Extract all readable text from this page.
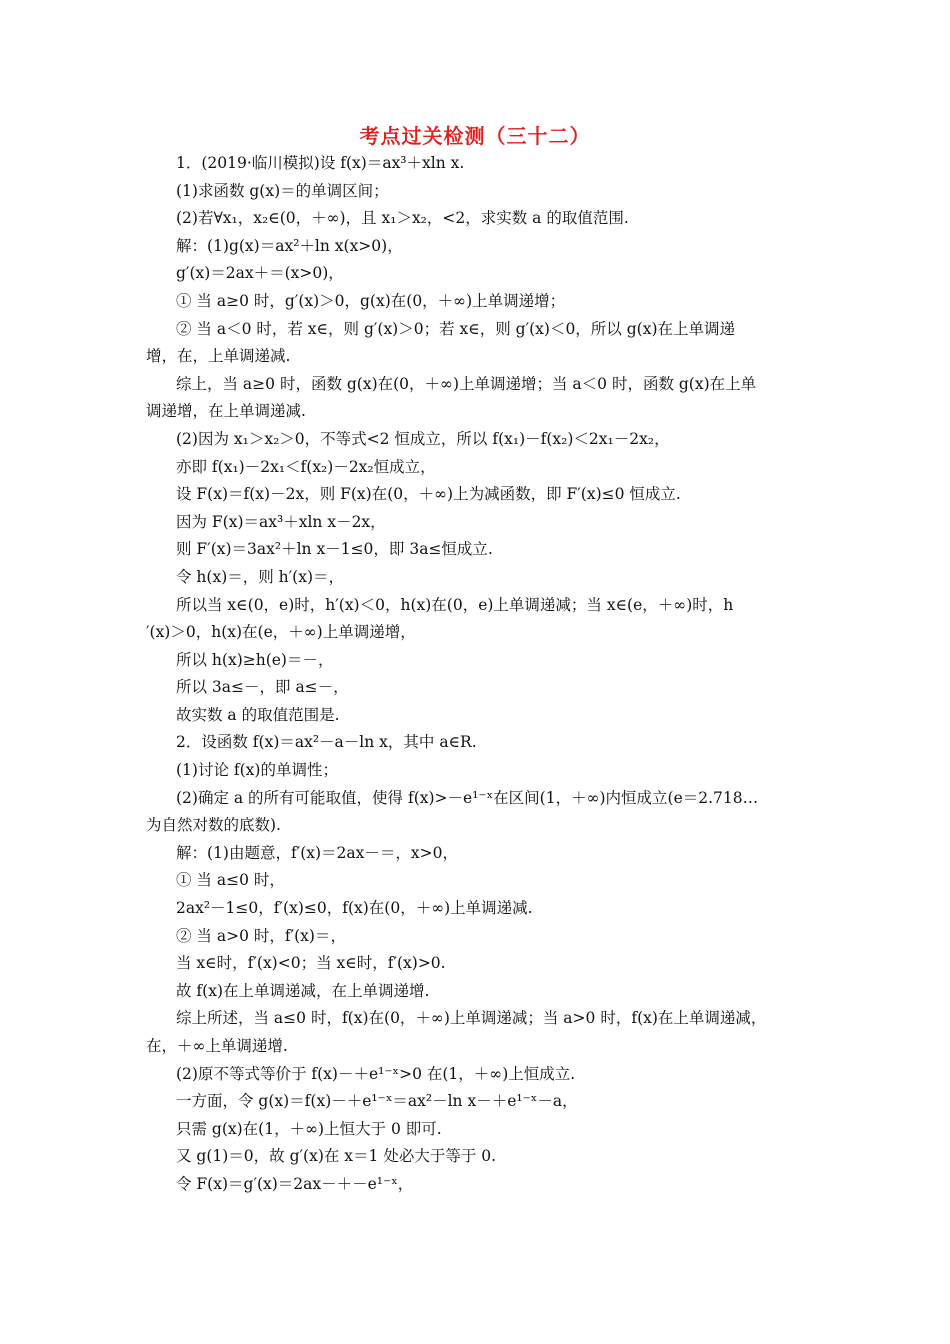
考点过关检测（三十二）
1．(2019·临川模拟)设 f(x)＝ax³＋xln x.
(1)求函数 g(x)＝的单调区间；
(2)若∀x₁，x₂∈(0，＋∞)，且 x₁＞x₂，<2，求实数 a 的取值范围.
解：(1)g(x)＝ax²＋ln x(x>0)，
g′(x)＝2ax＋＝(x>0)，
① 当 a≥0 时，g′(x)＞0，g(x)在(0，＋∞)上单调递增；
② 当 a＜0 时，若 x∈，则 g′(x)＞0；若 x∈，则 g′(x)＜0，所以 g(x)在上单调递
增，在，上单调递减.
综上，当 a≥0 时，函数 g(x)在(0，＋∞)上单调递增；当 a＜0 时，函数 g(x)在上单
调递增，在上单调递减.
(2)因为 x₁＞x₂＞0，不等式<2 恒成立，所以 f(x₁)－f(x₂)＜2x₁－2x₂，
亦即 f(x₁)－2x₁＜f(x₂)－2x₂恒成立，
设 F(x)＝f(x)－2x，则 F(x)在(0，＋∞)上为减函数，即 F′(x)≤0 恒成立.
因为 F(x)＝ax³＋xln x－2x，
则 F′(x)＝3ax²＋ln x－1≤0，即 3a≤恒成立.
令 h(x)＝，则 h′(x)＝，
所以当 x∈(0，e)时，h′(x)＜0，h(x)在(0，e)上单调递减；当 x∈(e，＋∞)时，h
′(x)＞0，h(x)在(e，＋∞)上单调递增，
所以 h(x)≥h(e)＝－，
所以 3a≤－，即 a≤－，
故实数 a 的取值范围是.
2．设函数 f(x)＝ax²－a－ln x，其中 a∈R.
(1)讨论 f(x)的单调性；
(2)确定 a 的所有可能取值，使得 f(x)>－e¹⁻ˣ在区间(1，＋∞)内恒成立(e＝2.718…
为自然对数的底数).
解：(1)由题意，f′(x)＝2ax－＝，x>0，
① 当 a≤0 时，
2ax²－1≤0，f′(x)≤0，f(x)在(0，＋∞)上单调递减.
② 当 a>0 时，f′(x)＝，
当 x∈时，f′(x)<0；当 x∈时，f′(x)>0.
故 f(x)在上单调递减，在上单调递增.
综上所述，当 a≤0 时，f(x)在(0，＋∞)上单调递减；当 a>0 时，f(x)在上单调递减，
在，＋∞上单调递增.
(2)原不等式等价于 f(x)－＋e¹⁻ˣ>0 在(1，＋∞)上恒成立.
一方面，令 g(x)＝f(x)－＋e¹⁻ˣ＝ax²－ln x－＋e¹⁻ˣ－a，
只需 g(x)在(1，＋∞)上恒大于 0 即可.
又 g(1)＝0，故 g′(x)在 x＝1 处必大于等于 0.
令 F(x)＝g′(x)＝2ax－＋－e¹⁻ˣ，
